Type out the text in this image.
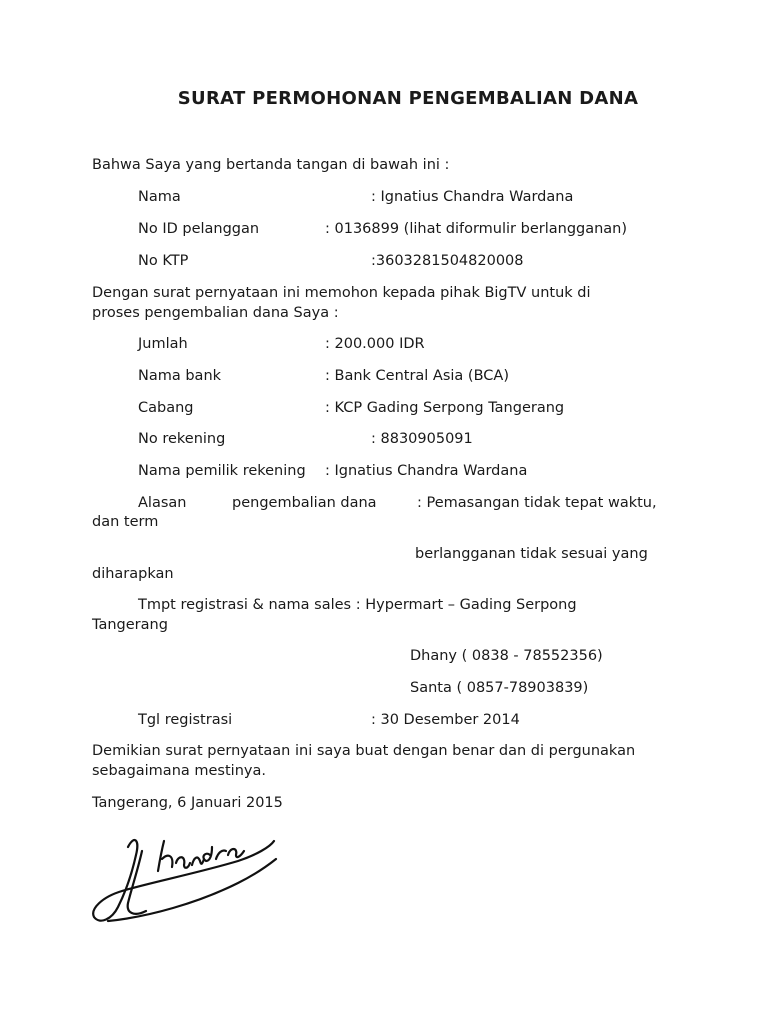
SURAT PERMOHONAN PENGEMBALIAN DANA
Bahwa Saya yang bertanda tangan di bawah ini :
Nama	: Ignatius Chandra Wardana
No ID pelanggan	: 0136899 (lihat diformulir berlangganan)
No KTP	:3603281504820008
Dengan surat pernyataan ini memohon kepada pihak BigTV untuk di
proses pengembalian dana Saya :
Jumlah	: 200.000 IDR
Nama bank	: Bank Central Asia (BCA)
Cabang	: KCP Gading Serpong Tangerang
No rekening	: 8830905091
Nama pemilik rekening : Ignatius Chandra Wardana
Alasan	pengembalian dana	: Pemasangan tidak tepat waktu,
dan term
berlangganan tidak sesuai yang
diharapkan
Tmpt registrasi & nama sales : Hypermart – Gading Serpong
Tangerang
Dhany ( 0838 - 78552356)
Santa ( 0857-78903839)
Tgl registrasi	: 30 Desember 2014
Demikian surat pernyataan ini saya buat dengan benar dan di pergunakan
sebagaimana mestinya.
Tangerang, 6 Januari 2015
